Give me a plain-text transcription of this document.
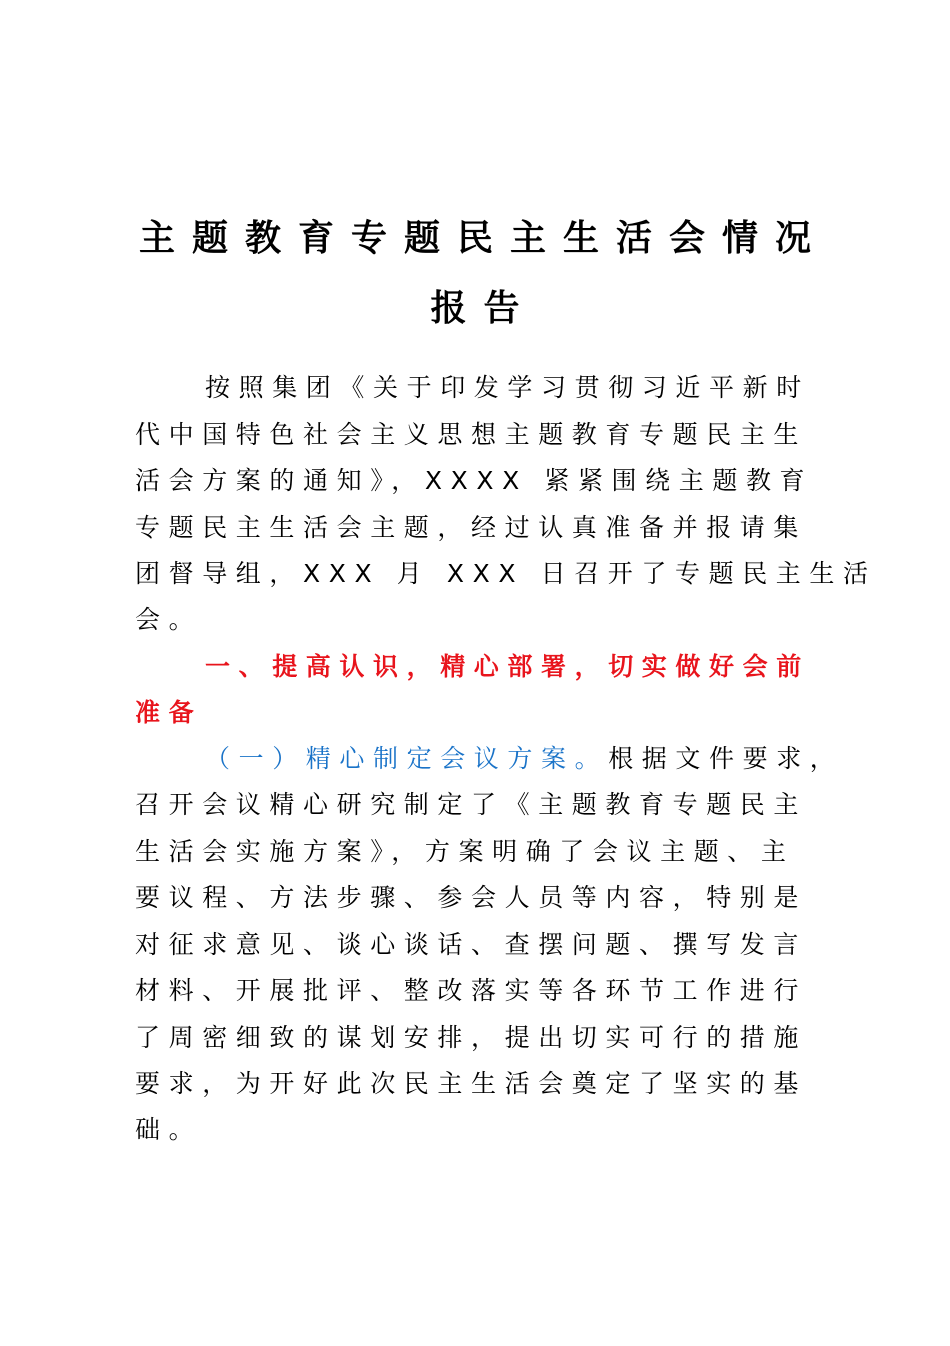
主题教育专题民主生活会情况
报告
按照集团《关于印发学习贯彻习近平新时
代中国特色社会主义思想主题教育专题民主生
活会方案的通知》，XXXX 紧紧围绕主题教育
专题民主生活会主题，经过认真准备并报请集
团督导组，XXX 月 XXX 日召开了专题民主生活
会。
一、提高认识，精心部署，切实做好会前
准备
（一）精心制定会议方案。根据文件要求，
召开会议精心研究制定了《主题教育专题民主
生活会实施方案》，方案明确了会议主题、主
要议程、方法步骤、参会人员等内容，特别是
对征求意见、谈心谈话、查摆问题、撰写发言
材料、开展批评、整改落实等各环节工作进行
了周密细致的谋划安排，提出切实可行的措施
要求，为开好此次民主生活会奠定了坚实的基
础。
